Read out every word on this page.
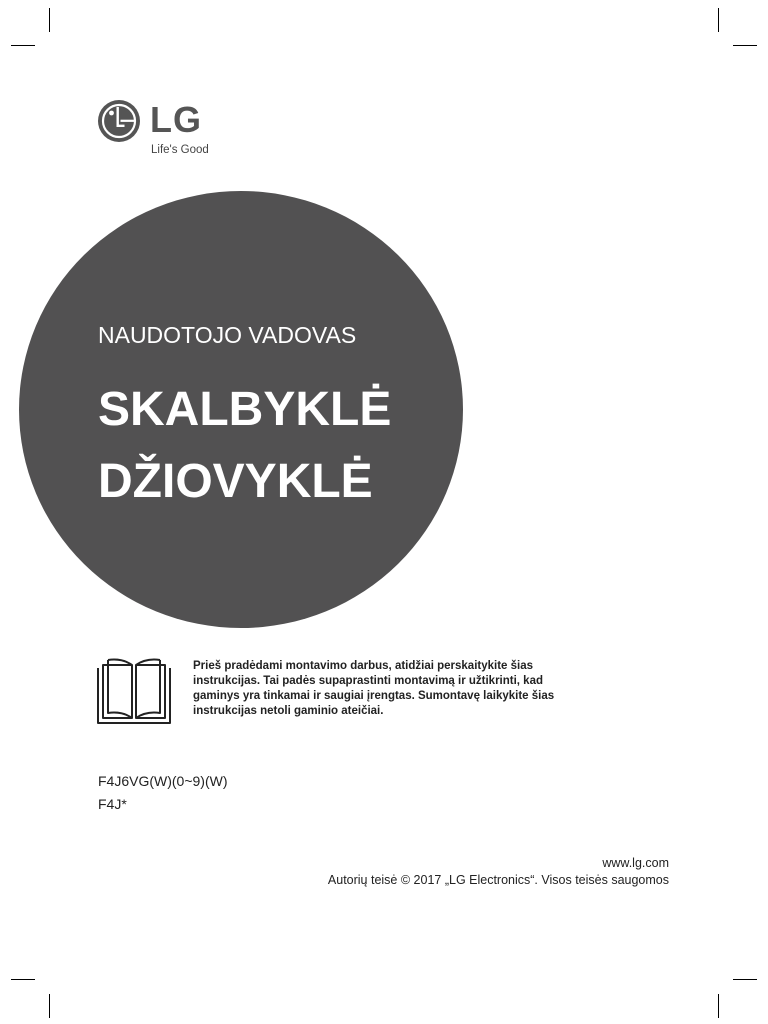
LG
Life's Good
NAUDOTOJO VADOVAS
SKALBYKLĖ
DŽIOVYKLĖ
Prieš pradėdami montavimo darbus, atidžiai perskaitykite šias
instrukcijas. Tai padės supaprastinti montavimą ir užtikrinti, kad
gaminys yra tinkamai ir saugiai įrengtas. Sumontavę laikykite šias
instrukcijas netoli gaminio ateičiai.
F4J6VG(W)(0~9)(W)
F4J*
www.lg.com
Autorių teisė © 2017 „LG Electronics“. Visos teisės saugomos
